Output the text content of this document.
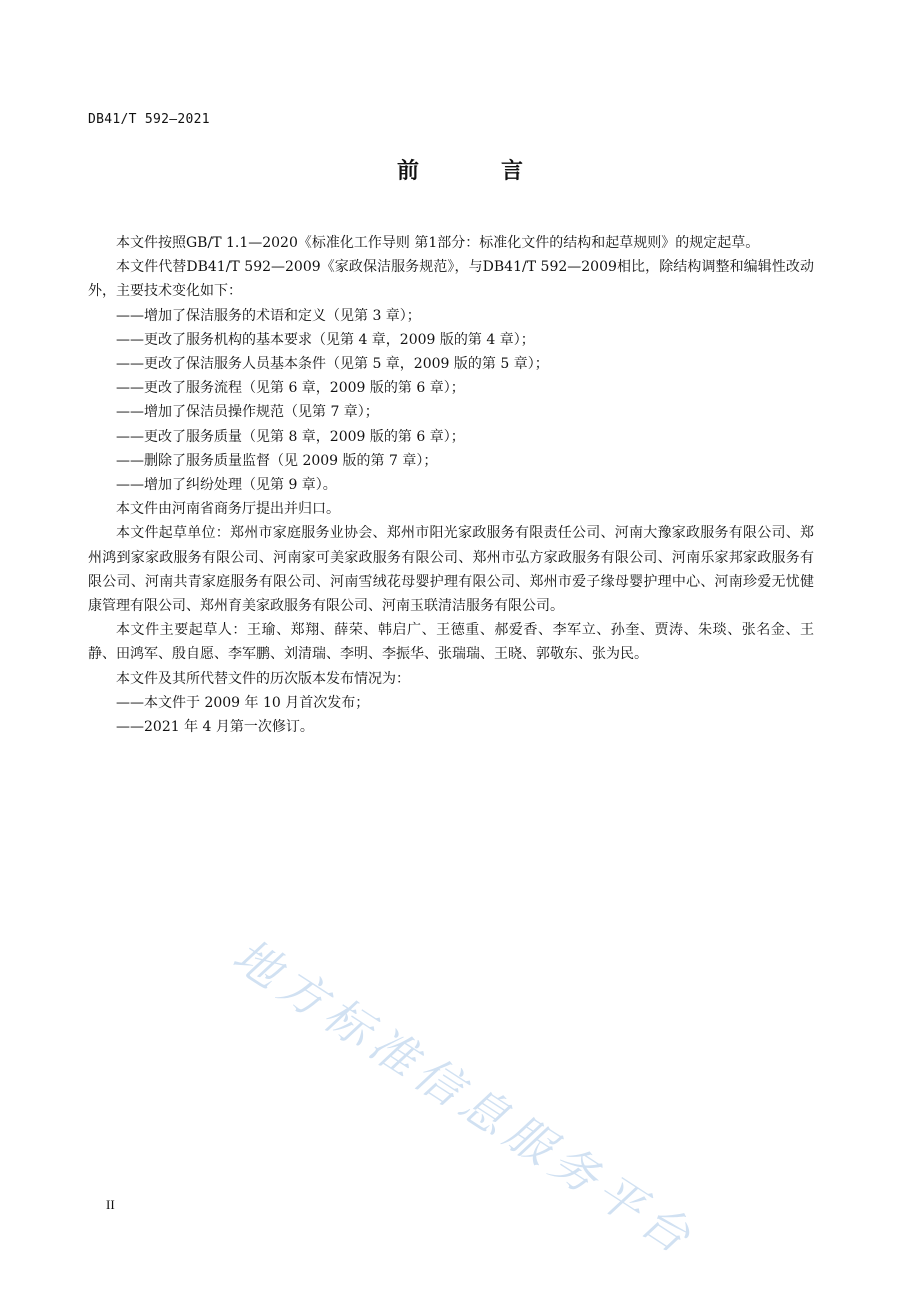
DB41/T 592—2021
前　言

本文件按照GB/T 1.1—2020《标准化工作导则 第1部分：标准化文件的结构和起草规则》的规定起草。

本文件代替DB41/T 592—2009《家政保洁服务规范》，与DB41/T 592—2009相比，除结构调整和编辑性改动外，主要技术变化如下：

——增加了保洁服务的术语和定义（见第 3 章）；

——更改了服务机构的基本要求（见第 4 章，2009 版的第 4 章）；

——更改了保洁服务人员基本条件（见第 5 章，2009 版的第 5 章）；

——更改了服务流程（见第 6 章，2009 版的第 6 章）；

——增加了保洁员操作规范（见第 7 章）；

——更改了服务质量（见第 8 章，2009 版的第 6 章）；

——删除了服务质量监督（见 2009 版的第 7 章）；

——增加了纠纷处理（见第 9 章）。

本文件由河南省商务厅提出并归口。

本文件起草单位：郑州市家庭服务业协会、郑州市阳光家政服务有限责任公司、河南大豫家政服务有限公司、郑州鸿到家家政服务有限公司、河南家可美家政服务有限公司、郑州市弘方家政服务有限公司、河南乐家邦家政服务有限公司、河南共青家庭服务有限公司、河南雪绒花母婴护理有限公司、郑州市爱子缘母婴护理中心、河南珍爱无忧健康管理有限公司、郑州育美家政服务有限公司、河南玉联清洁服务有限公司。

本文件主要起草人：王瑜、郑翔、薛荣、韩启广、王德重、郝爱香、李军立、孙奎、贾涛、朱琰、张名金、王静、田鸿军、殷自愿、李军鹏、刘清瑞、李明、李振华、张瑞瑞、王晓、郭敬东、张为民。

本文件及其所代替文件的历次版本发布情况为：

——本文件于 2009 年 10 月首次发布；

——2021 年 4 月第一次修订。

地方标准信息服务平台
II
